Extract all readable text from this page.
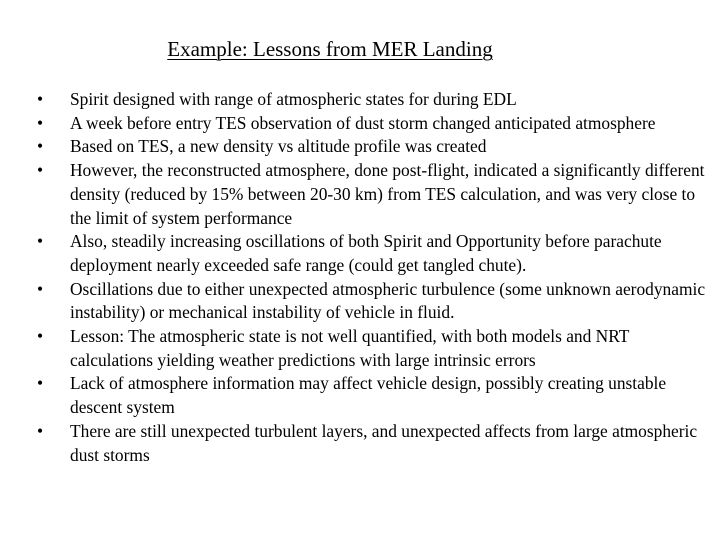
Example: Lessons from MER Landing
•	Spirit designed with range of atmospheric states for during EDL
•	A week before entry TES observation of dust storm changed anticipated atmosphere
•	Based on TES, a new density vs altitude profile was created
•	However, the reconstructed atmosphere, done post-flight, indicated a significantly different density (reduced by 15% between 20-30 km) from TES calculation, and was very close to the limit of system performance
•	Also, steadily increasing oscillations of both Spirit and Opportunity before parachute deployment nearly exceeded safe range (could get tangled chute).
•	Oscillations due to either unexpected atmospheric turbulence (some unknown aerodynamic instability) or mechanical instability of vehicle in fluid.
•	Lesson: The atmospheric state is not well quantified, with both models and NRT calculations yielding weather predictions with large intrinsic errors
•	Lack of atmosphere information may affect vehicle design, possibly creating unstable descent system
•	There are still unexpected turbulent layers, and unexpected affects from large atmospheric dust storms
